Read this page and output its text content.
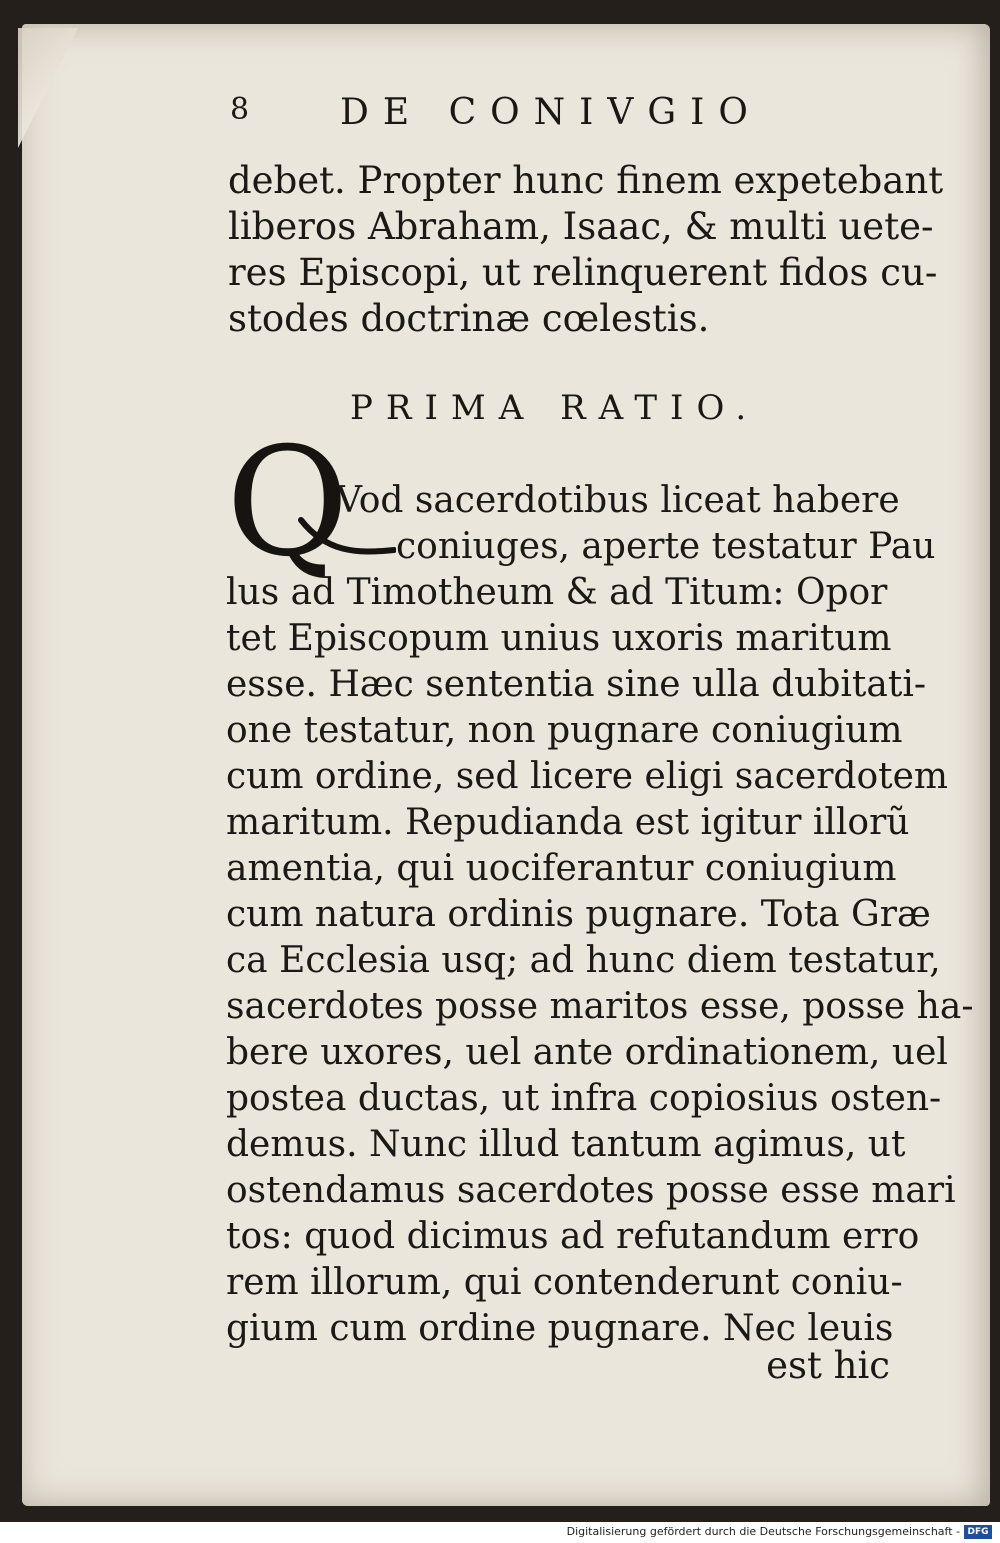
8	DE CONIVGIO
debet. Propter hunc finem expetebant
liberos Abraham, Isaac, & multi uete-
res Episcopi, ut relinquerent fidos cu-
stodes doctrinæ cœlestis.
PRIMA RATIO.
Q
Vod sacerdotibus liceat habere
coniuges, aperte testatur Pau
lus ad Timotheum & ad Titum: Opor
tet Episcopum unius uxoris maritum
esse. Hæc sententia sine ulla dubitati-
one testatur, non pugnare coniugium
cum ordine, sed licere eligi sacerdotem
maritum. Repudianda est igitur illorũ
amentia, qui uociferantur coniugium
cum natura ordinis pugnare. Tota Græ
ca Ecclesia usq; ad hunc diem testatur,
sacerdotes posse maritos esse, posse ha-
bere uxores, uel ante ordinationem, uel
postea ductas, ut infra copiosius osten-
demus. Nunc illud tantum agimus, ut
ostendamus sacerdotes posse esse mari
tos: quod dicimus ad refutandum erro
rem illorum, qui contenderunt coniu-
gium cum ordine pugnare. Nec leuis
est hic
Digitalisierung gefördert durch die Deutsche Forschungsgemeinschaft - DFG
